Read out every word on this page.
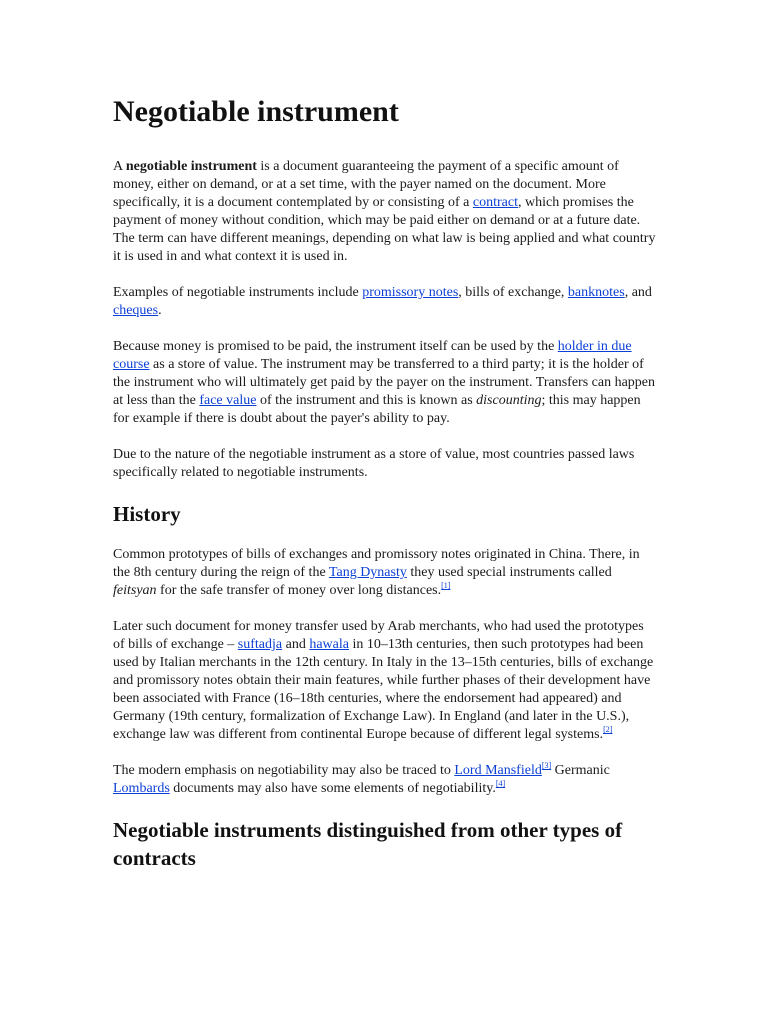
Negotiable instrument

A negotiable instrument is a document guaranteeing the payment of a specific amount of money, either on demand, or at a set time, with the payer named on the document. More specifically, it is a document contemplated by or consisting of a contract, which promises the payment of money without condition, which may be paid either on demand or at a future date. The term can have different meanings, depending on what law is being applied and what country it is used in and what context it is used in.

Examples of negotiable instruments include promissory notes, bills of exchange, banknotes, and cheques.

Because money is promised to be paid, the instrument itself can be used by the holder in due course as a store of value. The instrument may be transferred to a third party; it is the holder of the instrument who will ultimately get paid by the payer on the instrument. Transfers can happen at less than the face value of the instrument and this is known as discounting; this may happen for example if there is doubt about the payer's ability to pay.

Due to the nature of the negotiable instrument as a store of value, most countries passed laws specifically related to negotiable instruments.

History

Common prototypes of bills of exchanges and promissory notes originated in China. There, in the 8th century during the reign of the Tang Dynasty they used special instruments called feitsyan for the safe transfer of money over long distances.[1]

Later such document for money transfer used by Arab merchants, who had used the prototypes of bills of exchange – suftadja and hawala in 10–13th centuries, then such prototypes had been used by Italian merchants in the 12th century. In Italy in the 13–15th centuries, bills of exchange and promissory notes obtain their main features, while further phases of their development have been associated with France (16–18th centuries, where the endorsement had appeared) and Germany (19th century, formalization of Exchange Law). In England (and later in the U.S.), exchange law was different from continental Europe because of different legal systems.[2]

The modern emphasis on negotiability may also be traced to Lord Mansfield[3] Germanic Lombards documents may also have some elements of negotiability.[4]

Negotiable instruments distinguished from other types of contracts
